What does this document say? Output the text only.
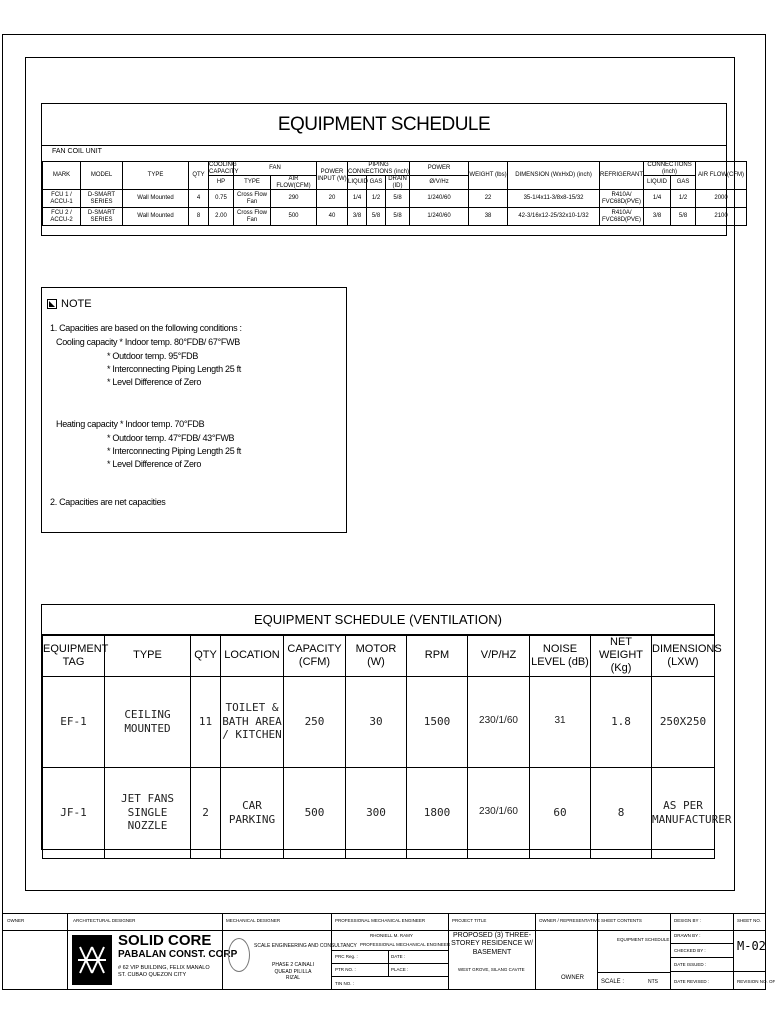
EQUIPMENT SCHEDULE
FAN COIL UNIT
MARK	MODEL	TYPE	QTY	COOLING CAPACITY	FAN		POWER INPUT (W)	PIPING CONNECTIONS (inch)			POWER	WEIGHT (lbs)	DIMENSION (WxHxD) (inch)	REFRIGERANT	CONNECTIONS (inch)		AIR FLOW(CFM)
				HP	TYPE	AIR FLOW(CFM)		LIQUID	GAS	DRAIN (ID)	Ø/V/Hz				LIQUID	GAS	
FCU 1 / ACCU-1	D-SMART SERIES	Wall Mounted	4	0.75	Cross Flow Fan	290	20	1/4	1/2	5/8	1/240/60	22	35-1/4x11-3/8x8-15/32	R410A/ FVC68D(PVE)	1/4	1/2	2000
FCU 2 / ACCU-2	D-SMART SERIES	Wall Mounted	8	2.00	Cross Flow Fan	500	40	3/8	5/8	5/8	1/240/60	38	42-3/16x12-25/32x10-1/32	R410A/ FVC68D(PVE)	3/8	5/8	2100
NOTE
1. Capacities are based on the following conditions :
Cooling capacity * Indoor temp. 80°FDB/ 67°FWB
* Outdoor temp. 95°FDB
* Interconnecting Piping Length 25 ft
* Level Difference of Zero
Heating capacity * Indoor temp. 70°FDB
* Outdoor temp. 47°FDB/ 43°FWB
* Interconnecting Piping Length 25 ft
* Level Difference of Zero
2. Capacities are net capacities
EQUIPMENT SCHEDULE (VENTILATION)
EQUIPMENT TAG	TYPE	QTY	LOCATION	CAPACITY (CFM)	MOTOR (W)	RPM	V/P/HZ	NOISE LEVEL (dB)	NET WEIGHT (Kg)	DIMENSIONS (LXW)
EF-1	CEILING MOUNTED	11	TOILET & BATH AREA / KITCHEN	250	30	1500	230/1/60	31	1.8	250X250
JF-1	JET FANS SINGLE NOZZLE	2	CAR PARKING	500	300	1800	230/1/60	60	8	AS PER MANUFACTURER
OWNER	ARCHITECTURAL DESIGNER	MECHANICAL DESIGNER	PROFESSIONAL MECHANICAL ENGINEER	PROJECT TITLE	OWNER / REPRESENTATIVE SHEET CONTENTS	SHEET NO.
SOLID CORE
PABALAN CONST. CORP
# 62 VIP BUILDING, FELIX MANALO ST. CUBAO QUEZON CITY
SCALE ENGINEERING AND CONSULTANCY
PHASE 2 CAINALI QUEAD PILILLA RIZAL
RHONIELL M. RAMY
PROFESSIONAL MECHANICAL ENGINEER
PRC Reg. :
PTR NO. :
TIN NO. :
DATE :
PLACE :
PROPOSED (3) THREE-STOREY RESIDENCE W/ BASEMENT
WEST GROVE, SILANG CAVITE
OWNER
EQUIPMENT SCHEDULE
SCALE :	NTS
DESIGN BY :
DRAWN BY :
CHECKED BY :
DATE ISSUED :
DATE REVISED :
M-02
REVISION NO. OF
